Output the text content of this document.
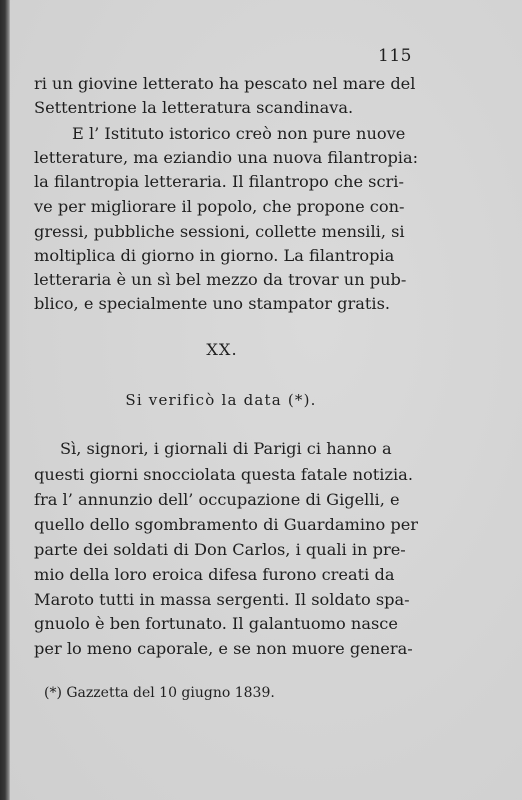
115
ri un giovine letterato ha pescato nel mare del
Settentrione la letteratura scandinava.
E l’ Istituto istorico creò non pure nuove
letterature, ma eziandio una nuova filantropia:
la filantropia letteraria. Il filantropo che scri-
ve per migliorare il popolo, che propone con-
gressi, pubbliche sessioni, collette mensili, si
moltiplica di giorno in giorno. La filantropia
letteraria è un sì bel mezzo da trovar un pub-
blico, e specialmente uno stampator gratis.
XX.
Si verificò la data (*).
Sì, signori, i giornali di Parigi ci hanno a
questi giorni snocciolata questa fatale notizia.
fra l’ annunzio dell’ occupazione di Gigelli, e
quello dello sgombramento di Guardamino per
parte dei soldati di Don Carlos, i quali in pre-
mio della loro eroica difesa furono creati da
Maroto tutti in massa sergenti. Il soldato spa-
gnuolo è ben fortunato. Il galantuomo nasce
per lo meno caporale, e se non muore genera-
(*) Gazzetta del 10 giugno 1839.
